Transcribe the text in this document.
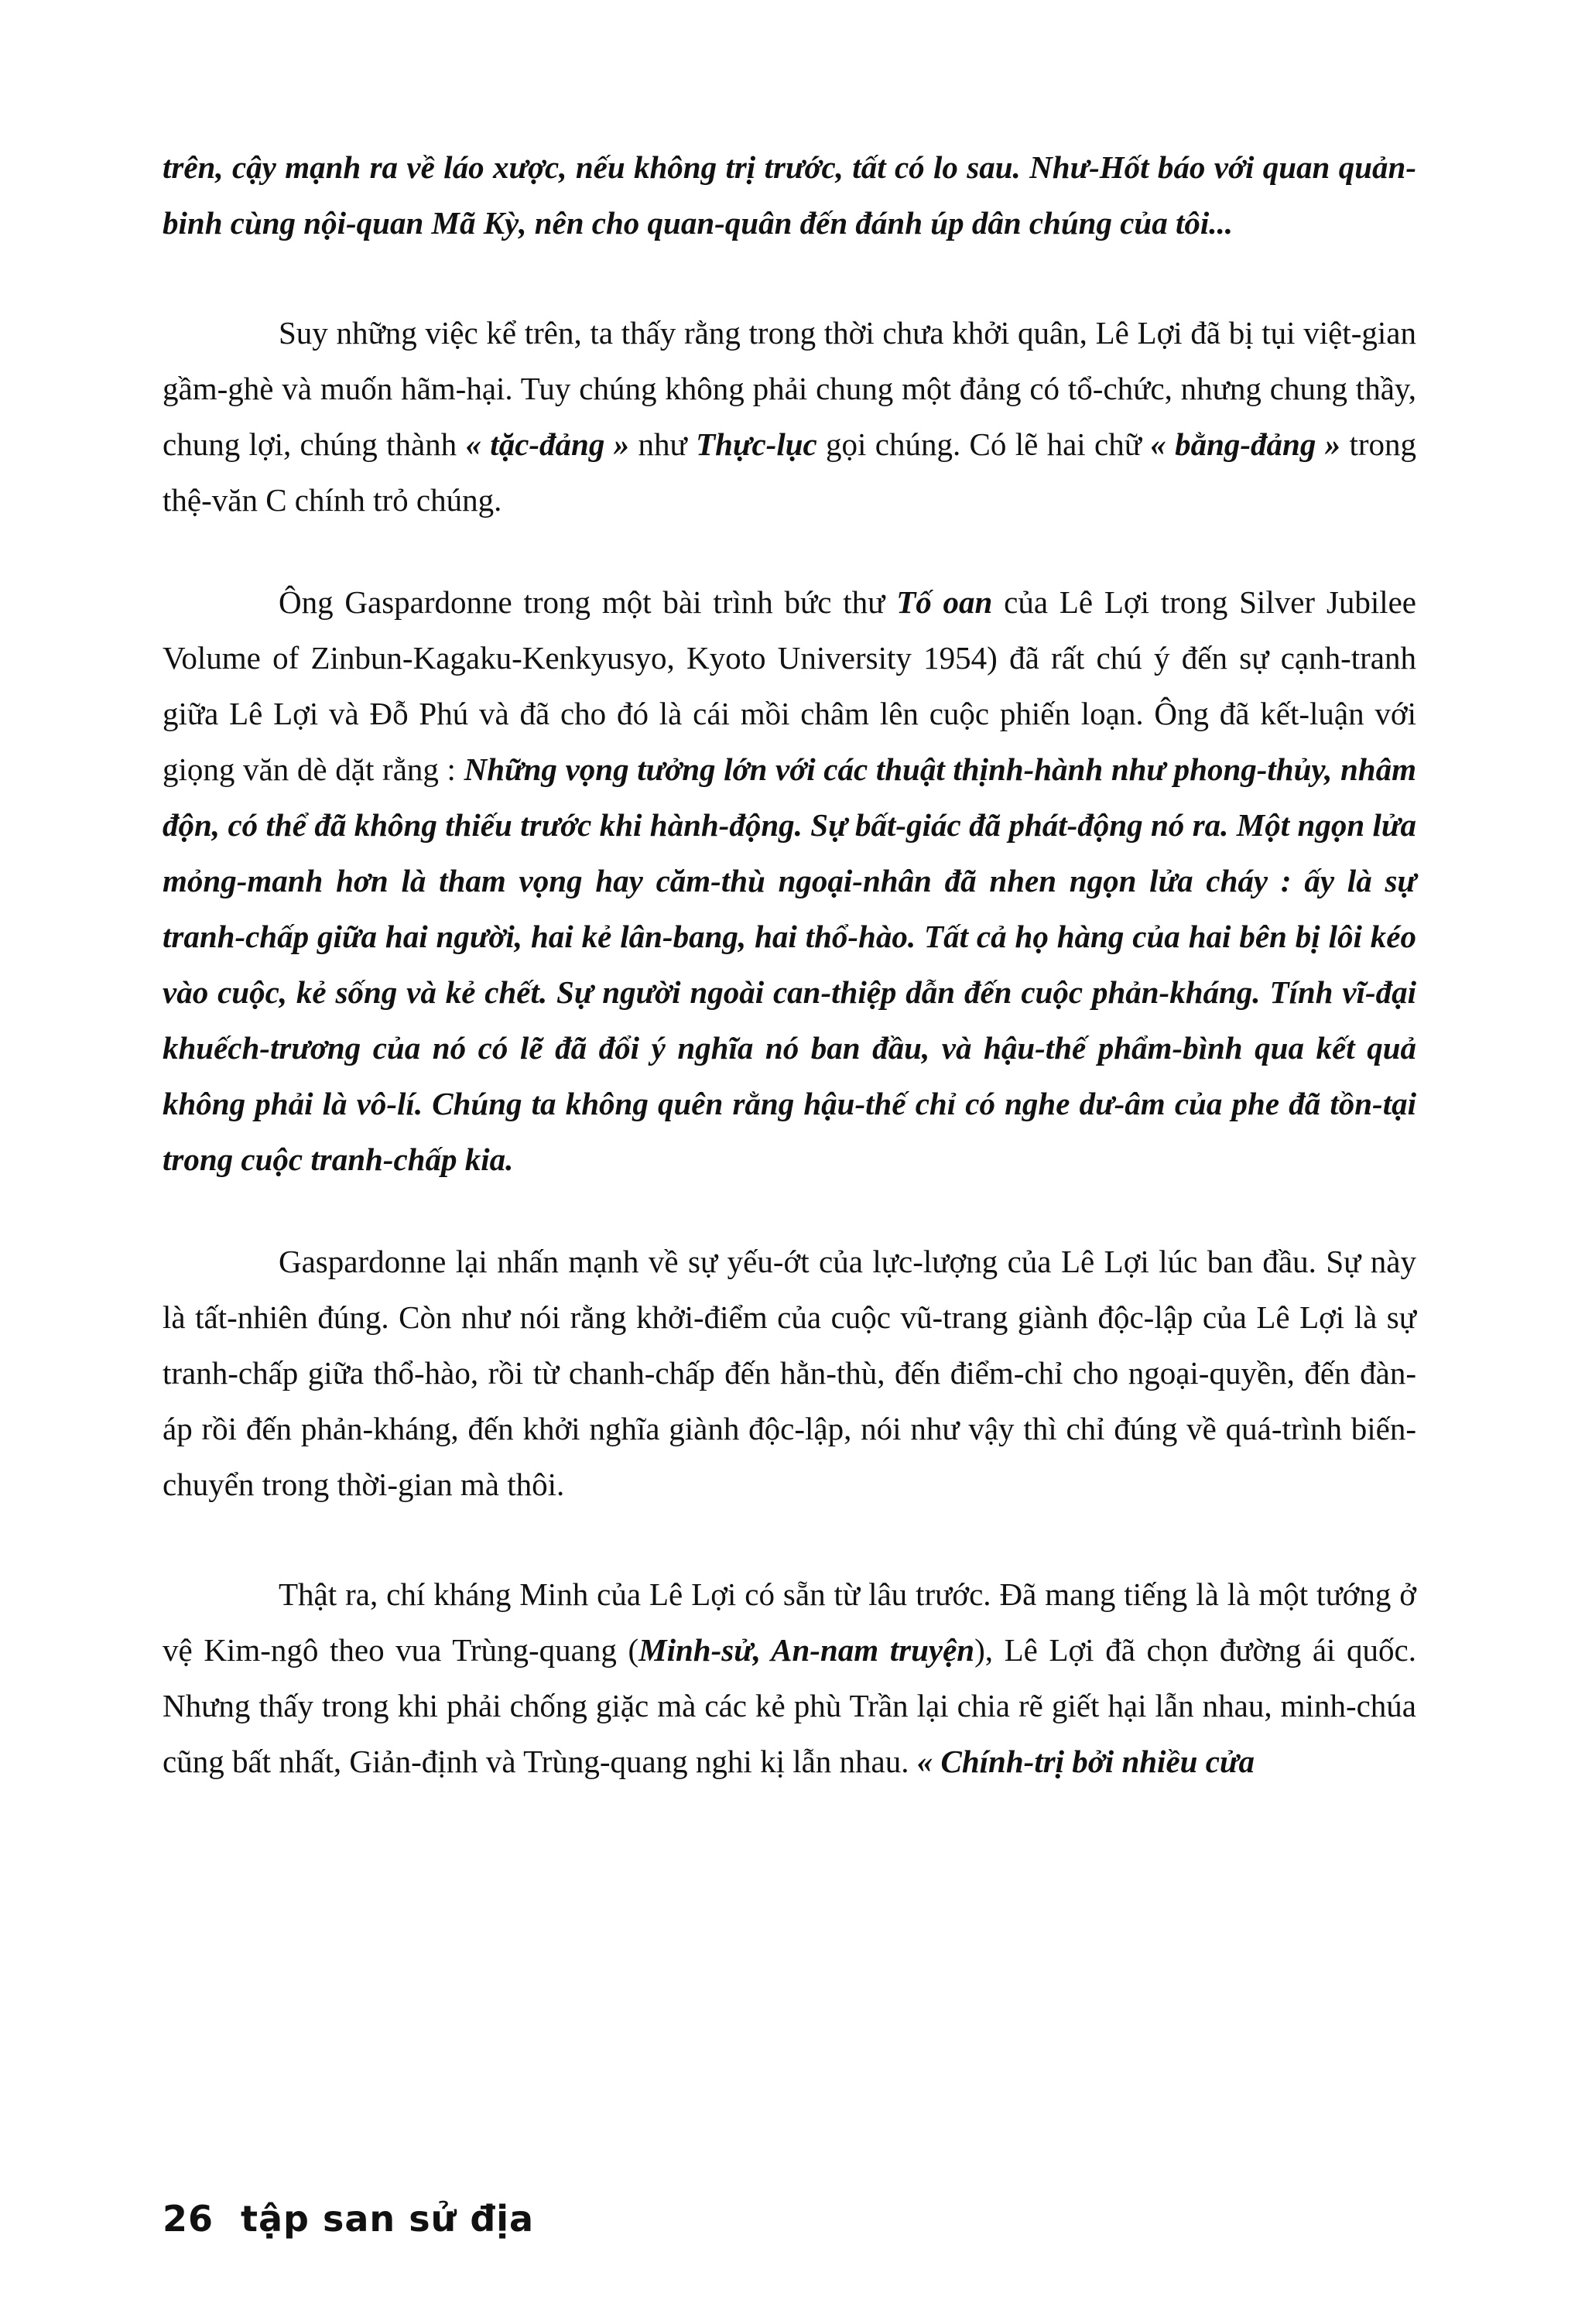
trên, cậy mạnh ra về láo xược, nếu không trị trước, tất có lo sau. Như-Hốt báo với quan quản-binh cùng nội-quan Mã Kỳ, nên cho quan-quân đến đánh úp dân chúng của tôi...

Suy những việc kể trên, ta thấy rằng trong thời chưa khởi quân, Lê Lợi đã bị tụi việt-gian gầm-ghè và muốn hãm-hại. Tuy chúng không phải chung một đảng có tổ-chức, nhưng chung thầy, chung lợi, chúng thành « tặc-đảng » như Thực-lục gọi chúng. Có lẽ hai chữ « bằng-đảng » trong thệ-văn C chính trỏ chúng.

Ông Gaspardonne trong một bài trình bức thư Tố oan của Lê Lợi trong Silver Jubilee Volume of Zinbun-Kagaku-Kenkyusyo, Kyoto University 1954) đã rất chú ý đến sự cạnh-tranh giữa Lê Lợi và Đỗ Phú và đã cho đó là cái mồi châm lên cuộc phiến loạn. Ông đã kết-luận với giọng văn dè dặt rằng : Những vọng tưởng lớn với các thuật thịnh-hành như phong-thủy, nhâm độn, có thể đã không thiếu trước khi hành-động. Sự bất-giác đã phát-động nó ra. Một ngọn lửa mỏng-manh hơn là tham vọng hay căm-thù ngoại-nhân đã nhen ngọn lửa cháy : ấy là sự tranh-chấp giữa hai người, hai kẻ lân-bang, hai thổ-hào. Tất cả họ hàng của hai bên bị lôi kéo vào cuộc, kẻ sống và kẻ chết. Sự người ngoài can-thiệp dẫn đến cuộc phản-kháng. Tính vĩ-đại khuếch-trương của nó có lẽ đã đổi ý nghĩa nó ban đầu, và hậu-thế phẩm-bình qua kết quả không phải là vô-lí. Chúng ta không quên rằng hậu-thế chỉ có nghe dư-âm của phe đã tồn-tại trong cuộc tranh-chấp kia.

Gaspardonne lại nhấn mạnh về sự yếu-ớt của lực-lượng của Lê Lợi lúc ban đầu. Sự này là tất-nhiên đúng. Còn như nói rằng khởi-điểm của cuộc vũ-trang giành độc-lập của Lê Lợi là sự tranh-chấp giữa thổ-hào, rồi từ chanh-chấp đến hằn-thù, đến điểm-chỉ cho ngoại-quyền, đến đàn-áp rồi đến phản-kháng, đến khởi nghĩa giành độc-lập, nói như vậy thì chỉ đúng về quá-trình biến-chuyển trong thời-gian mà thôi.

Thật ra, chí kháng Minh của Lê Lợi có sẵn từ lâu trước. Đã mang tiếng là là một tướng ở vệ Kim-ngô theo vua Trùng-quang (Minh-sử, An-nam truyện), Lê Lợi đã chọn đường ái quốc. Nhưng thấy trong khi phải chống giặc mà các kẻ phù Trần lại chia rẽ giết hại lẫn nhau, minh-chúa cũng bất nhất, Giản-định và Trùng-quang nghi kị lẫn nhau. « Chính-trị bởi nhiều cửa

26 tập san sử địa
